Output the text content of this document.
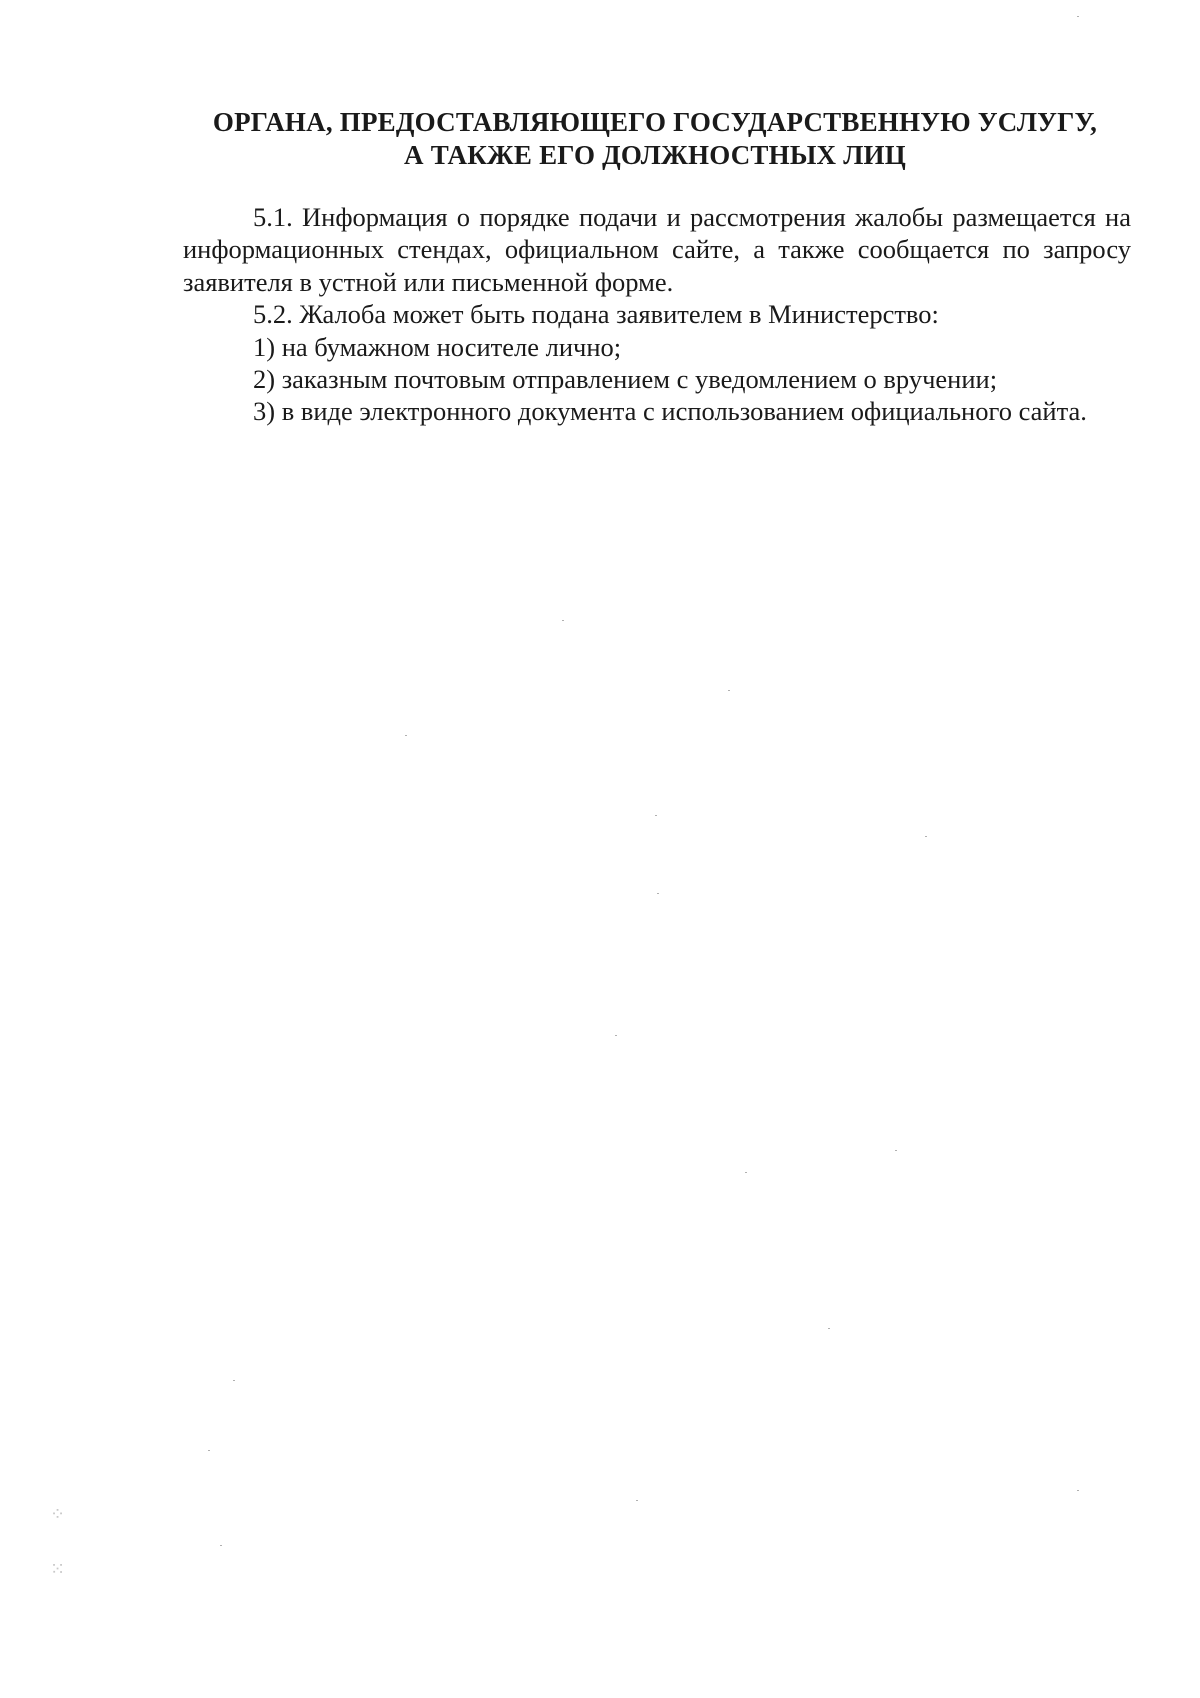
ОРГАНА, ПРЕДОСТАВЛЯЮЩЕГО ГОСУДАРСТВЕННУЮ УСЛУГУ,
А ТАКЖЕ ЕГО ДОЛЖНОСТНЫХ ЛИЦ

5.1. Информация о порядке подачи и рассмотрения жалобы размещается на информационных стендах, официальном сайте, а также сообщается по запросу заявителя в устной или письменной форме.

5.2. Жалоба может быть подана заявителем в Министерство:

1) на бумажном носителе лично;

2) заказным почтовым отправлением с уведомлением о вручении;

3) в виде электронного документа с использованием официального сайта.

⁘
⁙
